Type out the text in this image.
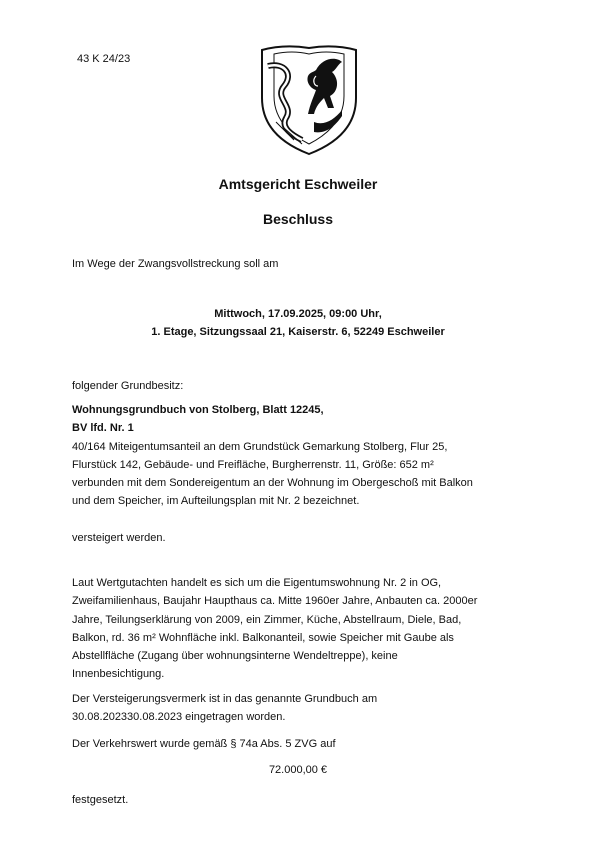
43 K 24/23
Amtsgericht Eschweiler
Beschluss
Im Wege der Zwangsvollstreckung soll am
Mittwoch, 17.09.2025, 09:00 Uhr,
1. Etage, Sitzungssaal 21, Kaiserstr. 6, 52249 Eschweiler
folgender Grundbesitz:
Wohnungsgrundbuch von Stolberg, Blatt 12245,
BV lfd. Nr. 1
40/164 Miteigentumsanteil an dem Grundstück Gemarkung Stolberg, Flur 25,
Flurstück 142, Gebäude- und Freifläche, Burgherrenstr. 11, Größe: 652 m²
verbunden mit dem Sondereigentum an der Wohnung im Obergeschoß mit Balkon
und dem Speicher, im Aufteilungsplan mit Nr. 2 bezeichnet.
versteigert werden.
Laut Wertgutachten handelt es sich um die Eigentumswohnung Nr. 2 in OG,
Zweifamilienhaus, Baujahr Haupthaus ca. Mitte 1960er Jahre, Anbauten ca. 2000er
Jahre, Teilungserklärung von 2009, ein Zimmer, Küche, Abstellraum, Diele, Bad,
Balkon, rd. 36 m² Wohnfläche inkl. Balkonanteil, sowie Speicher mit Gaube als
Abstellfläche (Zugang über wohnungsinterne Wendeltreppe), keine
Innenbesichtigung.
Der Versteigerungsvermerk ist in das genannte Grundbuch am
30.08.202330.08.2023 eingetragen worden.
Der Verkehrswert wurde gemäß § 74a Abs. 5 ZVG auf
72.000,00 €
festgesetzt.
